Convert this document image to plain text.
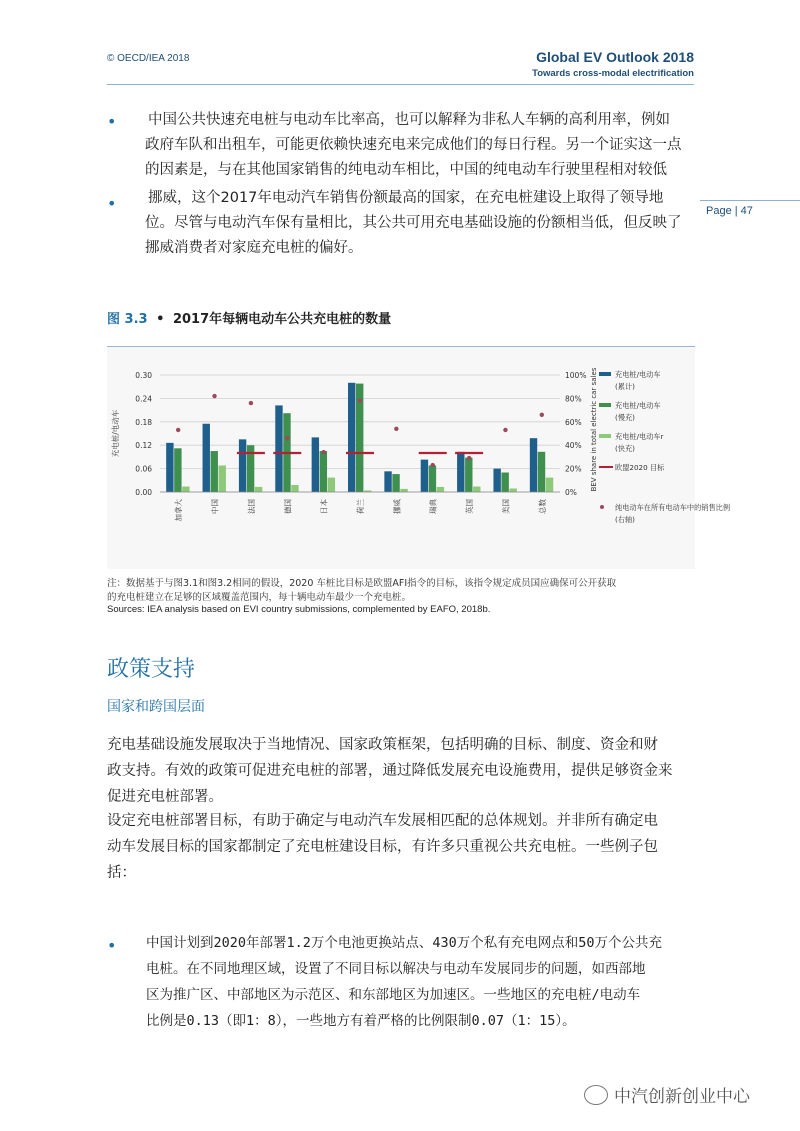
© OECD/IEA 2018	Global EV Outlook 2018
Towards cross-modal electrification
Page | 47
• 中国公共快速充电桩与电动车比率高，也可以解释为非私人车辆的高利用率，例如
政府车队和出租车，可能更依赖快速充电来完成他们的每日行程。另一个证实这一点
的因素是，与在其他国家销售的纯电动车相比，中国的纯电动车行驶里程相对较低
• 挪威，这个2017年电动汽车销售份额最高的国家，在充电桩建设上取得了领导地
位。尽管与电动汽车保有量相比，其公共可用充电基础设施的份额相当低，但反映了
挪威消费者对家庭充电桩的偏好。
图 3.3 • 2017年每辆电动车公共充电桩的数量
0.00
0.06
0.12
0.18
0.24
0.30
0%
20%
40%
60%
80%
100%
充电桩/电动车	BEV share in total electric car sales
加拿大	中国	法国	德国	日本	荷兰	挪威	瑞典	英国	美国	总数
充电桩/电动车
(累计)
充电桩/电动车
(慢充)
充电桩/电动车r
(快充)
欧盟2020 目标
纯电动车在所有电动车中的销售比例
(右轴)
注：数据基于与图3.1和图3.2相同的假设，2020 车桩比目标是欧盟AFI指令的目标，该指令规定成员国应确保可公开获取
的充电桩建立在足够的区域覆盖范围内，每十辆电动车最少一个充电桩。
Sources: IEA analysis based on EVI country submissions, complemented by EAFO, 2018b.
政策支持
国家和跨国层面
充电基础设施发展取决于当地情况、国家政策框架，包括明确的目标、制度、资金和财
政支持。有效的政策可促进充电桩的部署，通过降低发展充电设施费用，提供足够资金来
促进充电桩部署。
设定充电桩部署目标，有助于确定与电动汽车发展相匹配的总体规划。并非所有确定电
动车发展目标的国家都制定了充电桩建设目标，有许多只重视公共充电桩。一些例子包
括：
• 中国计划到2020年部署1.2万个电池更换站点、430万个私有充电网点和50万个公共充
电桩。在不同地理区域，设置了不同目标以解决与电动车发展同步的问题，如西部地
区为推广区、中部地区为示范区、和东部地区为加速区。一些地区的充电桩/电动车
比例是0.13（即1：8），一些地方有着严格的比例限制0.07（1：15）。
中汽创新创业中心
